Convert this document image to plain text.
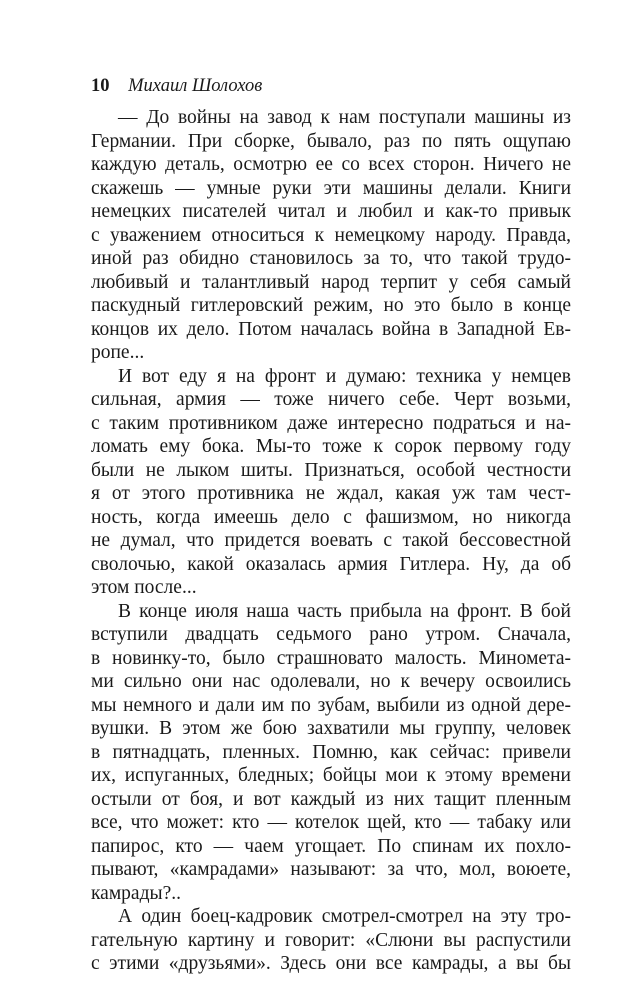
10 Михаил Шолохов
— До войны на завод к нам поступали машины из
Германии. При сборке, бывало, раз по пять ощупаю
каждую деталь, осмотрю ее со всех сторон. Ничего не
скажешь — умные руки эти машины делали. Книги
немецких писателей читал и любил и как-то привык
с уважением относиться к немецкому народу. Правда,
иной раз обидно становилось за то, что такой трудо-
любивый и талантливый народ терпит у себя самый
паскудный гитлеровский режим, но это было в конце
концов их дело. Потом началась война в Западной Ев-
ропе...
И вот еду я на фронт и думаю: техника у немцев
сильная, армия — тоже ничего себе. Черт возьми,
с таким противником даже интересно подраться и на-
ломать ему бока. Мы-то тоже к сорок первому году
были не лыком шиты. Признаться, особой честности
я от этого противника не ждал, какая уж там чест-
ность, когда имеешь дело с фашизмом, но никогда
не думал, что придется воевать с такой бессовестной
сволочью, какой оказалась армия Гитлера. Ну, да об
этом после...
В конце июля наша часть прибыла на фронт. В бой
вступили двадцать седьмого рано утром. Сначала,
в новинку-то, было страшновато малость. Миномета-
ми сильно они нас одолевали, но к вечеру освоились
мы немного и дали им по зубам, выбили из одной дере-
вушки. В этом же бою захватили мы группу, человек
в пятнадцать, пленных. Помню, как сейчас: привели
их, испуганных, бледных; бойцы мои к этому времени
остыли от боя, и вот каждый из них тащит пленным
все, что может: кто — котелок щей, кто — табаку или
папирос, кто — чаем угощает. По спинам их похло-
пывают, «камрадами» называют: за что, мол, воюете,
камрады?..
А один боец-кадровик смотрел-смотрел на эту тро-
гательную картину и говорит: «Слюни вы распустили
с этими «друзьями». Здесь они все камрады, а вы бы
